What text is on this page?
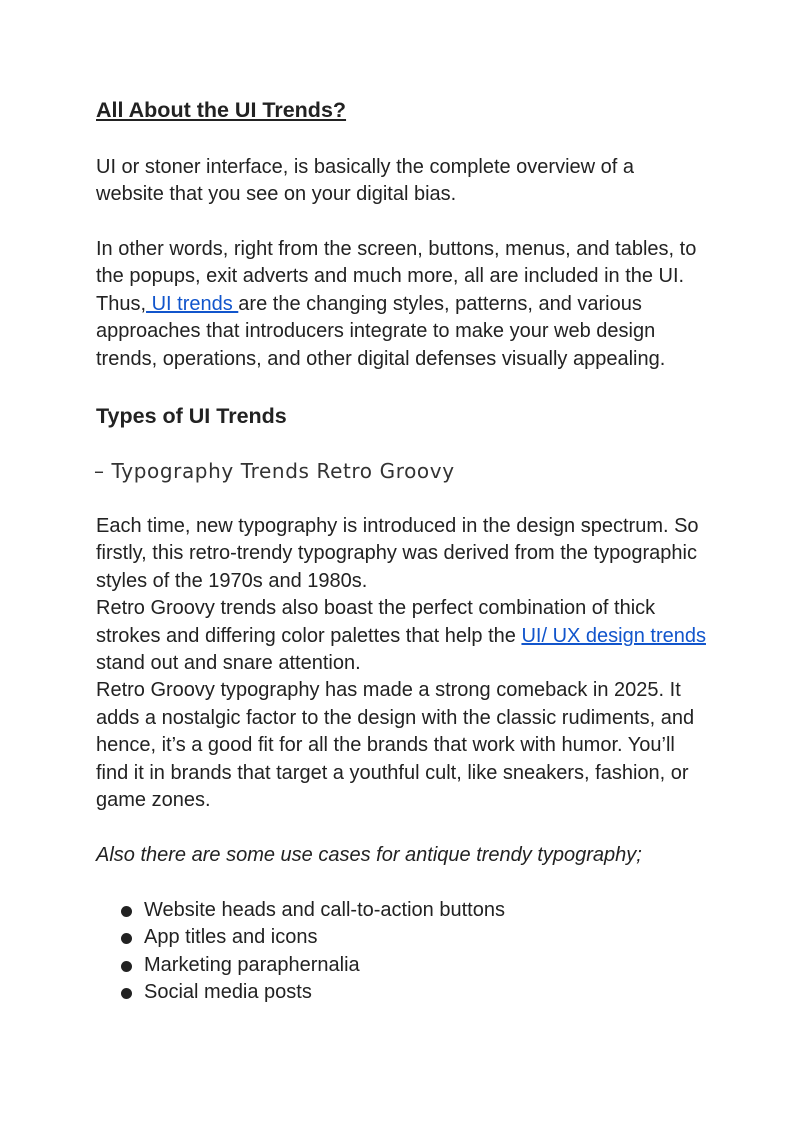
All About the UI Trends?

UI or stoner interface, is basically the complete overview of a website that you see on your digital bias.

In other words, right from the screen, buttons, menus, and tables, to the popups, exit adverts and much more, all are included in the UI. Thus, UI trends are the changing styles, patterns, and various approaches that introducers integrate to make your web design trends, operations, and other digital defenses visually appealing.

Types of UI Trends
– Typography Trends Retro Groovy
Each time, new typography is introduced in the design spectrum. So firstly, this retro-trendy typography was derived from the typographic styles of the 1970s and 1980s.
Retro Groovy trends also boast the perfect combination of thick strokes and differing color palettes that help the UI/ UX design trends stand out and snare attention.
Retro Groovy typography has made a strong comeback in 2025. It adds a nostalgic factor to the design with the classic rudiments, and hence, it’s a good fit for all the brands that work with humor. You’ll find it in brands that target a youthful cult, like sneakers, fashion, or game zones.

Also there are some use cases for antique trendy typography;

Website heads and call-to-action buttons
App titles and icons
Marketing paraphernalia
Social media posts
